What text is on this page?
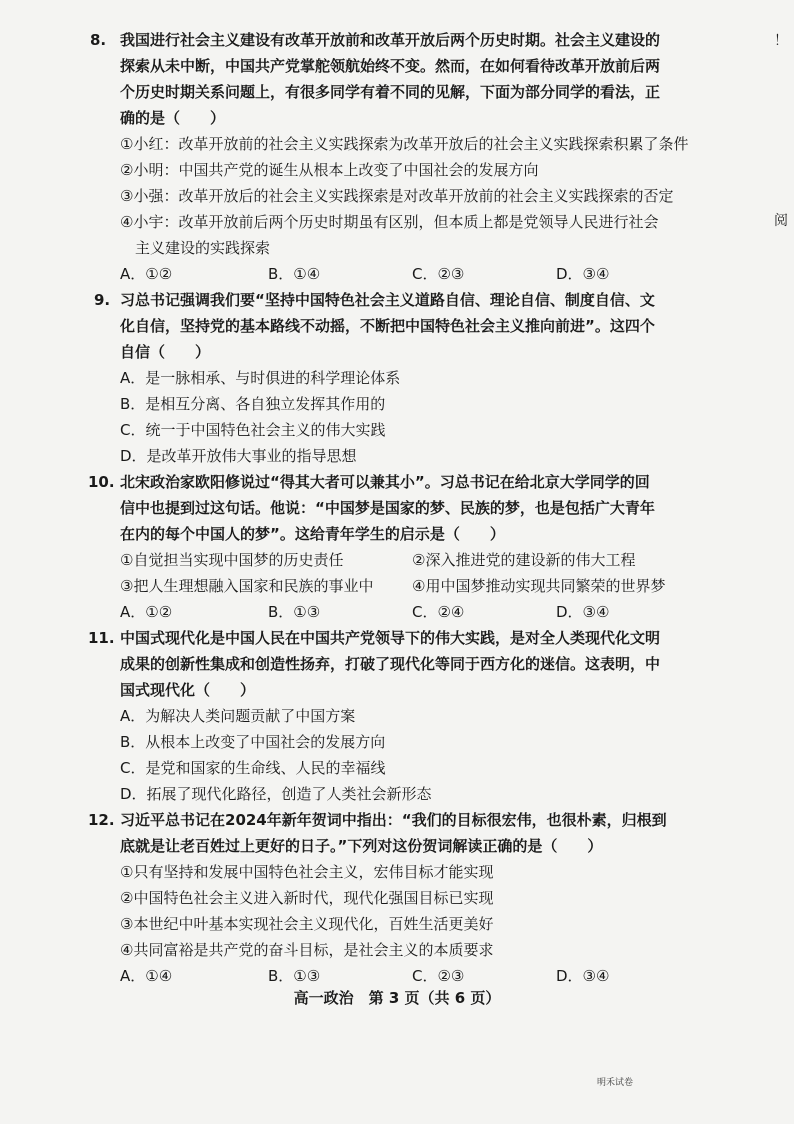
8. 我国进行社会主义建设有改革开放前和改革开放后两个历史时期。社会主义建设的
探索从未中断，中国共产党掌舵领航始终不变。然而，在如何看待改革开放前后两
个历史时期关系问题上，有很多同学有着不同的见解，下面为部分同学的看法，正
确的是（　　）
①小红：改革开放前的社会主义实践探索为改革开放后的社会主义实践探索积累了条件
②小明：中国共产党的诞生从根本上改变了中国社会的发展方向
③小强：改革开放后的社会主义实践探索是对改革开放前的社会主义实践探索的否定
④小宇：改革开放前后两个历史时期虽有区别，但本质上都是党领导人民进行社会
　主义建设的实践探索
A．①②	B．①④	C．②③	D．③④
9. 习总书记强调我们要“坚持中国特色社会主义道路自信、理论自信、制度自信、文
化自信，坚持党的基本路线不动摇，不断把中国特色社会主义推向前进”。这四个
自信（　　）
A．是一脉相承、与时俱进的科学理论体系
B．是相互分离、各自独立发挥其作用的
C．统一于中国特色社会主义的伟大实践
D．是改革开放伟大事业的指导思想
10. 北宋政治家欧阳修说过“得其大者可以兼其小”。习总书记在给北京大学同学的回
信中也提到过这句话。他说：“中国梦是国家的梦、民族的梦，也是包括广大青年
在内的每个中国人的梦”。这给青年学生的启示是（　　）
①自觉担当实现中国梦的历史责任	②深入推进党的建设新的伟大工程
③把人生理想融入国家和民族的事业中	④用中国梦推动实现共同繁荣的世界梦
A．①②	B．①③	C．②④	D．③④
11. 中国式现代化是中国人民在中国共产党领导下的伟大实践，是对全人类现代化文明
成果的创新性集成和创造性扬弃，打破了现代化等同于西方化的迷信。这表明，中
国式现代化（　　）
A．为解决人类问题贡献了中国方案
B．从根本上改变了中国社会的发展方向
C．是党和国家的生命线、人民的幸福线
D．拓展了现代化路径，创造了人类社会新形态
12. 习近平总书记在2024年新年贺词中指出：“我们的目标很宏伟，也很朴素，归根到
底就是让老百姓过上更好的日子。”下列对这份贺词解读正确的是（　　）
①只有坚持和发展中国特色社会主义，宏伟目标才能实现
②中国特色社会主义进入新时代，现代化强国目标已实现
③本世纪中叶基本实现社会主义现代化，百姓生活更美好
④共同富裕是共产党的奋斗目标，是社会主义的本质要求
A．①④	B．①③	C．②③	D．③④
高一政治　第 3 页（共 6 页）
明禾试卷
！
阅
